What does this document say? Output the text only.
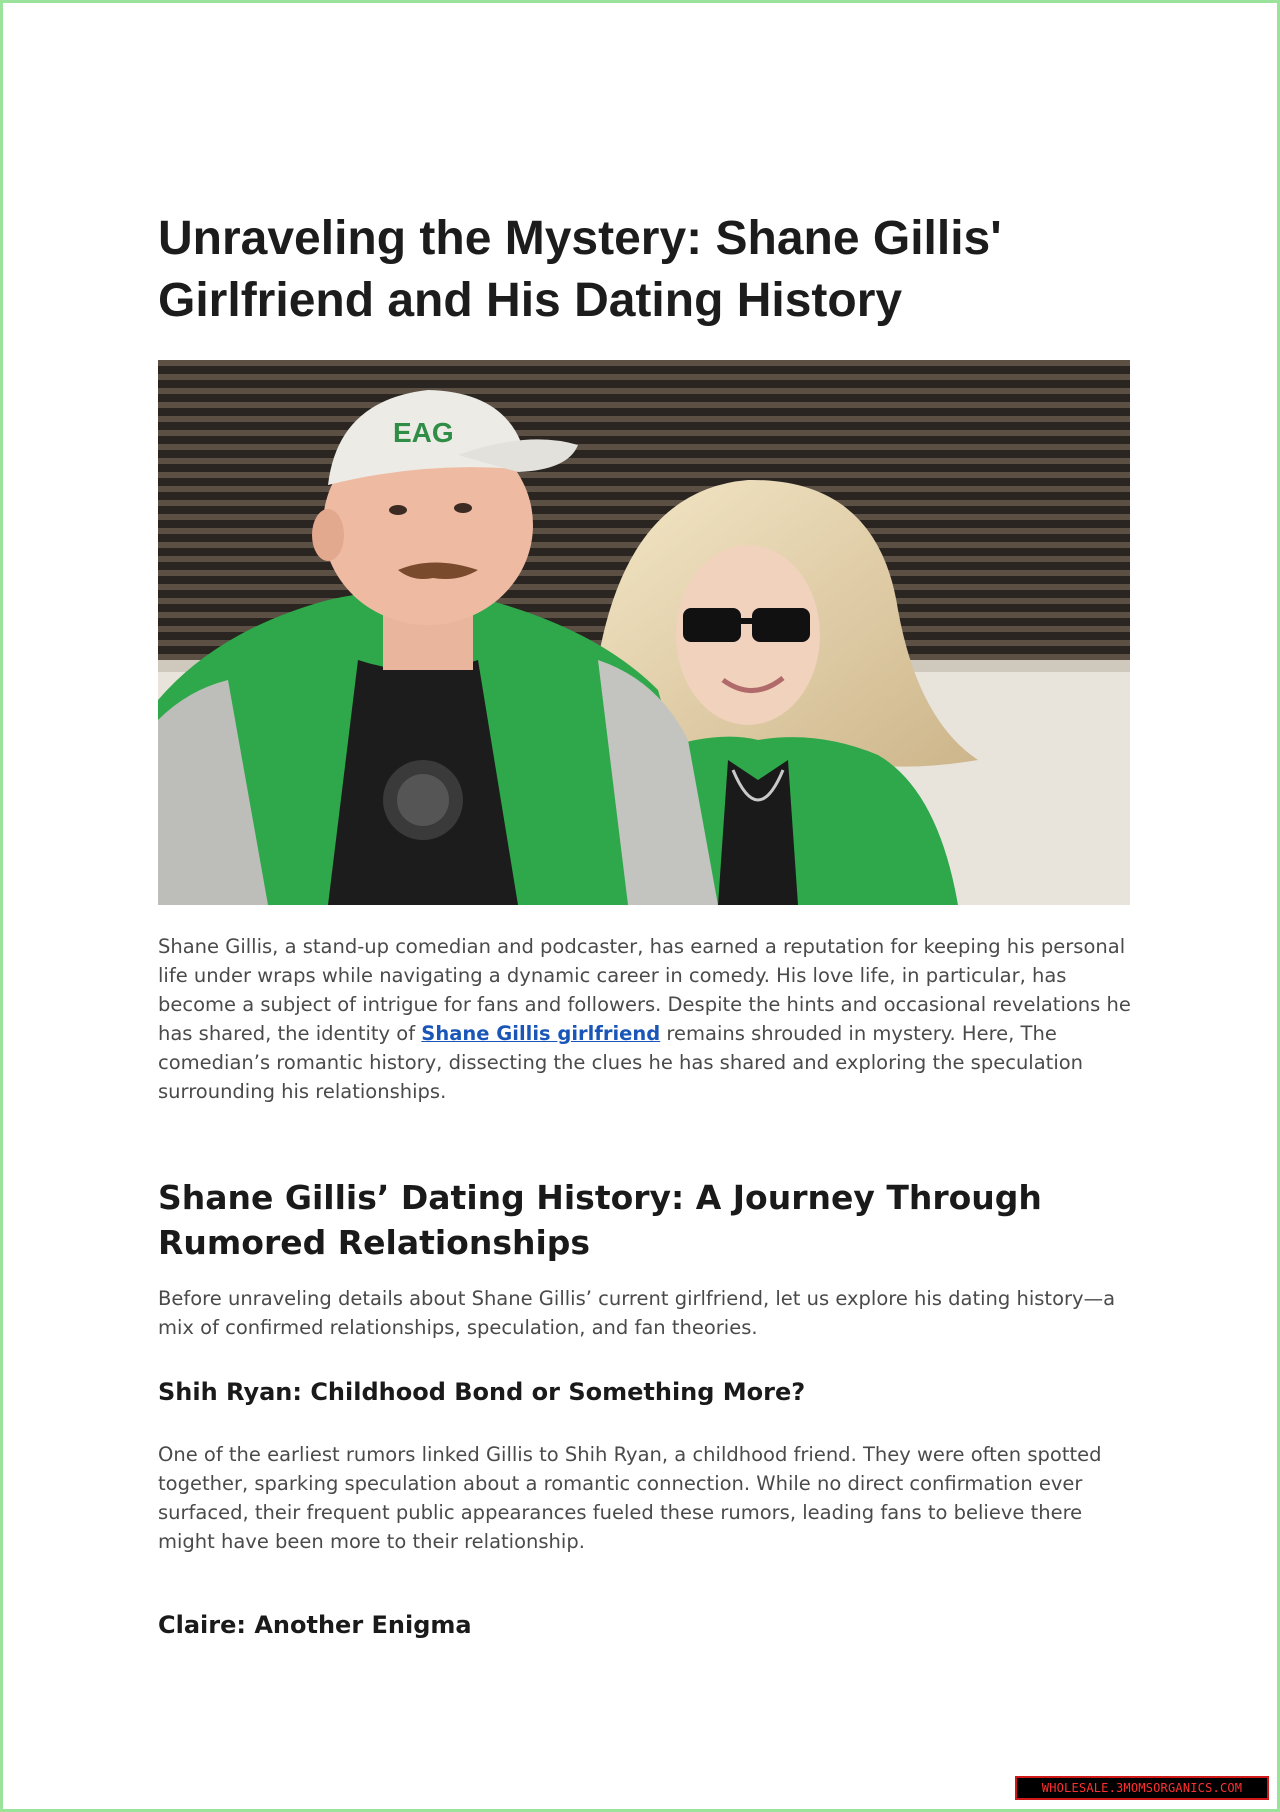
Unraveling the Mystery: Shane Gillis' Girlfriend and His Dating History
EAG

Shane Gillis, a stand-up comedian and podcaster, has earned a reputation for keeping his personal life under wraps while navigating a dynamic career in comedy. His love life, in particular, has become a subject of intrigue for fans and followers. Despite the hints and occasional revelations he has shared, the identity of Shane Gillis girlfriend remains shrouded in mystery. Here, The comedian’s romantic history, dissecting the clues he has shared and exploring the speculation surrounding his relationships.

Shane Gillis’ Dating History: A Journey Through Rumored Relationships

Before unraveling details about Shane Gillis’ current girlfriend, let us explore his dating history—a mix of confirmed relationships, speculation, and fan theories.

Shih Ryan: Childhood Bond or Something More?

One of the earliest rumors linked Gillis to Shih Ryan, a childhood friend. They were often spotted together, sparking speculation about a romantic connection. While no direct confirmation ever surfaced, their frequent public appearances fueled these rumors, leading fans to believe there might have been more to their relationship.

Claire: Another Enigma
WHOLESALE.3MOMSORGANICS.COM
